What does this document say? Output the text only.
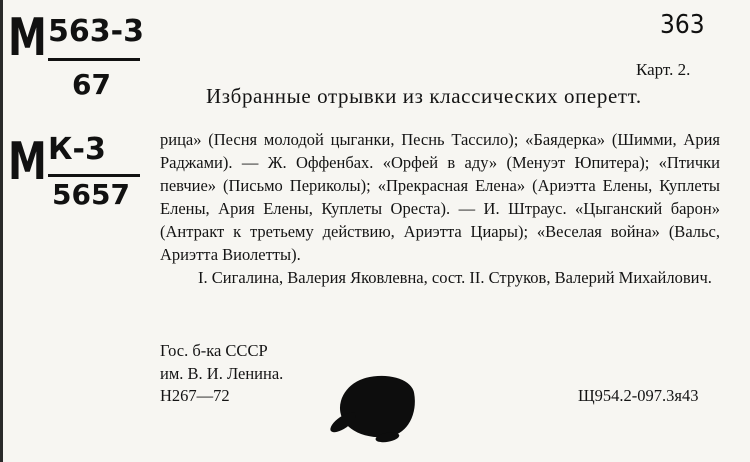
М 563-3
67
М К-3
5657
363
Карт. 2.
Избранные отрывки из классических оперетт.

рица» (Песня молодой цыганки, Песнь Тассило); «Баядерка» (Шимми, Ария Раджами). — Ж. Оффенбах. «Орфей в аду» (Менуэт Юпитера); «Птички певчие» (Письмо Периколы); «Прекрасная Елена» (Ариэтта Елены, Куплеты Елены, Ария Елены, Куплеты Ореста). — И. Штраус. «Цыганский барон» (Антракт к третьему действию, Ариэтта Циары); «Веселая война» (Вальс, Ариэтта Виолетты).

I. Сигалина, Валерия Яковлевна, сост. II. Струков, Валерий Михайлович.

Гос. б-ка СССР
им. В. И. Ленина.
Н267—72	Щ954.2-097.3я43
